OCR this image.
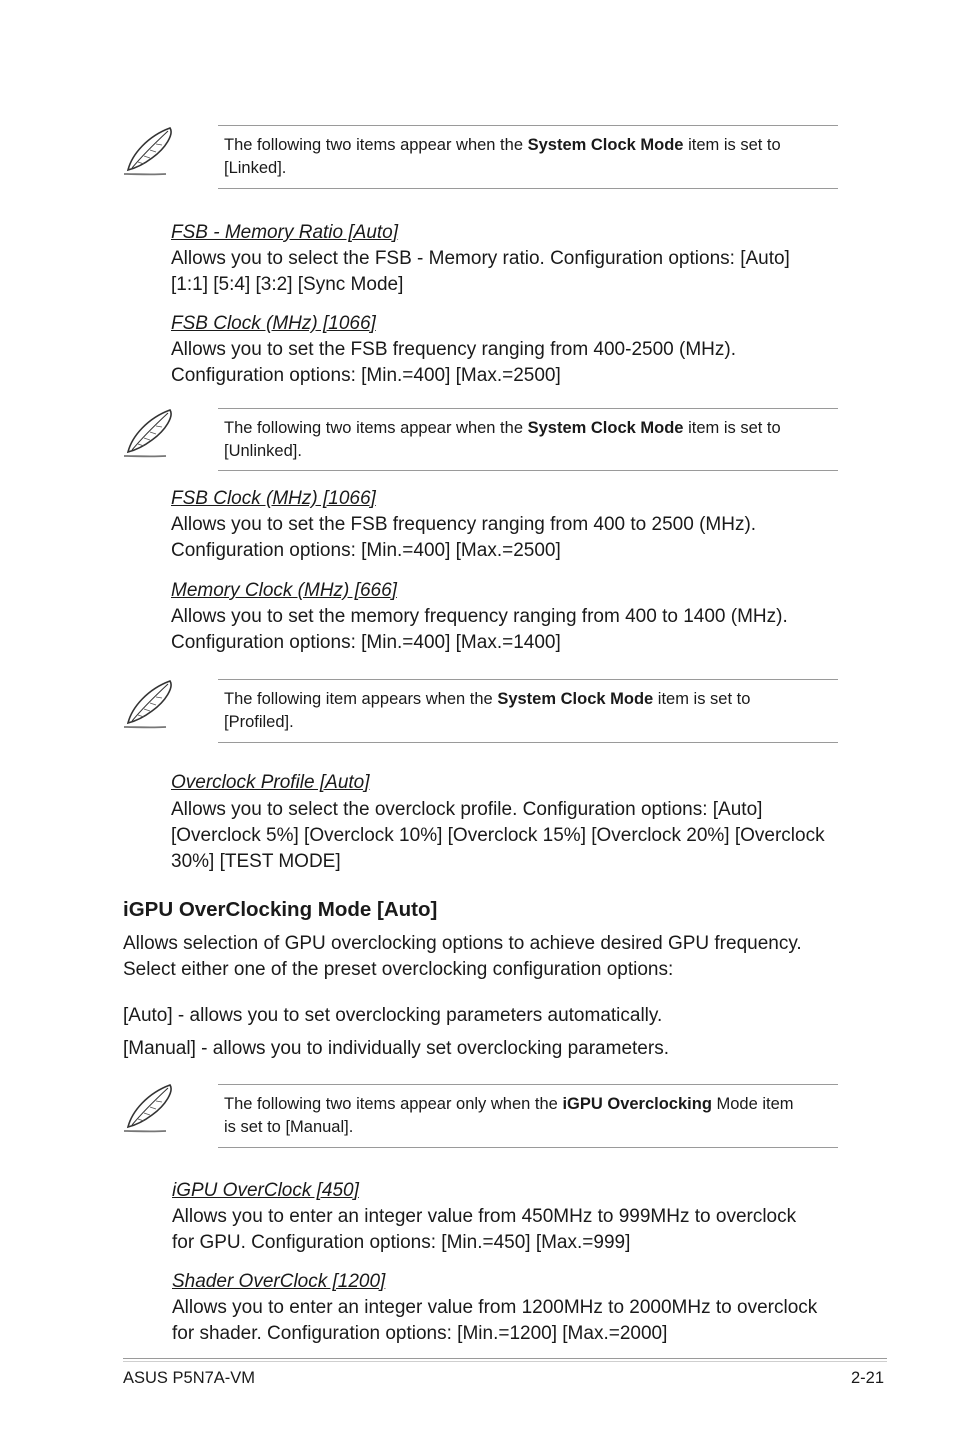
The following two items appear when the System Clock Mode item is set to
[Linked].
FSB - Memory Ratio [Auto]
Allows you to select the FSB - Memory ratio. Configuration options: [Auto]
[1:1] [5:4] [3:2] [Sync Mode]
FSB Clock (MHz) [1066]
Allows you to set the FSB frequency ranging from 400-2500 (MHz).
Configuration options: [Min.=400] [Max.=2500]
The following two items appear when the System Clock Mode item is set to
[Unlinked].
FSB Clock (MHz) [1066]
Allows you to set the FSB frequency ranging from 400 to 2500 (MHz).
Configuration options: [Min.=400] [Max.=2500]
Memory Clock (MHz) [666]
Allows you to set the memory frequency ranging from 400 to 1400 (MHz).
Configuration options: [Min.=400] [Max.=1400]
The following item appears when the System Clock Mode item is set to
[Profiled].
Overclock Profile [Auto]
Allows you to select the overclock profile. Configuration options: [Auto]
[Overclock 5%] [Overclock 10%] [Overclock 15%] [Overclock 20%] [Overclock
30%] [TEST MODE]
iGPU OverClocking Mode [Auto]
Allows selection of GPU overclocking options to achieve desired GPU frequency.
Select either one of the preset overclocking configuration options:
[Auto] - allows you to set overclocking parameters automatically.
[Manual] - allows you to individually set overclocking parameters.
The following two items appear only when the iGPU Overclocking Mode item
is set to [Manual].
iGPU OverClock [450]
Allows you to enter an integer value from 450MHz to 999MHz to overclock
for GPU. Configuration options: [Min.=450] [Max.=999]
Shader OverClock [1200]
Allows you to enter an integer value from 1200MHz to 2000MHz to overclock
for shader. Configuration options: [Min.=1200] [Max.=2000]
ASUS P5N7A-VM	2-21
